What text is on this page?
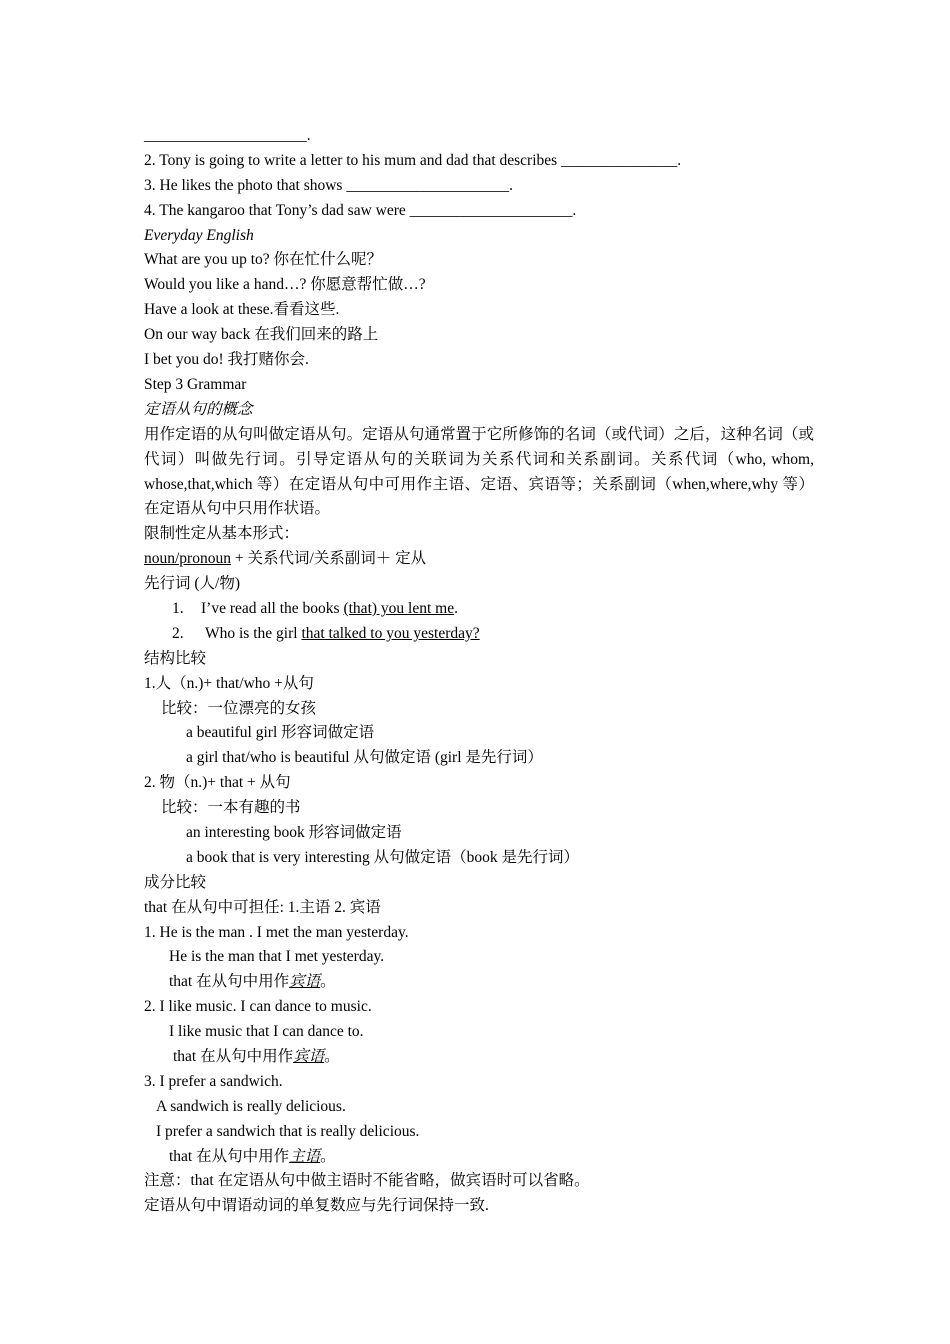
_____________________.
2. Tony is going to write a letter to his mum and dad that describes _______________.
3. He likes the photo that shows _____________________.
4. The kangaroo that Tony’s dad saw were _____________________.
Everyday English
What are you up to? 你在忙什么呢？
Would you like a hand…? 你愿意帮忙做…?
Have a look at these.看看这些.
On our way back 在我们回来的路上
I bet you do! 我打赌你会.
Step 3 Grammar
定语从句的概念
用作定语的从句叫做定语从句。定语从句通常置于它所修饰的名词（或代词）之后，这种名词（或代词）叫做先行词。引导定语从句的关联词为关系代词和关系副词。关系代词（who, whom, whose,that,which 等）在定语从句中可用作主语、定语、宾语等；关系副词（when,where,why 等）在定语从句中只用作状语。
限制性定从基本形式：
noun/pronoun + 关系代词/关系副词＋ 定从
先行词 (人/物)
1. I’ve read all the books (that) you lent me.
2. Who is the girl that talked to you yesterday?
结构比较
1.人（n.)+ that/who +从句
比较：一位漂亮的女孩
a beautiful girl 形容词做定语
a girl that/who is beautiful 从句做定语 (girl 是先行词）
2. 物（n.)+ that + 从句
比较：一本有趣的书
an interesting book 形容词做定语
a book that is very interesting 从句做定语（book 是先行词）
成分比较
that 在从句中可担任: 1.主语 2. 宾语
1. He is the man . I met the man yesterday.
He is the man that I met yesterday.
that 在从句中用作宾语。
2. I like music. I can dance to music.
I like music that I can dance to.
that 在从句中用作宾语。
3. I prefer a sandwich.
A sandwich is really delicious.
I prefer a sandwich that is really delicious.
that 在从句中用作主语。
注意：that 在定语从句中做主语时不能省略，做宾语时可以省略。
定语从句中谓语动词的单复数应与先行词保持一致.
